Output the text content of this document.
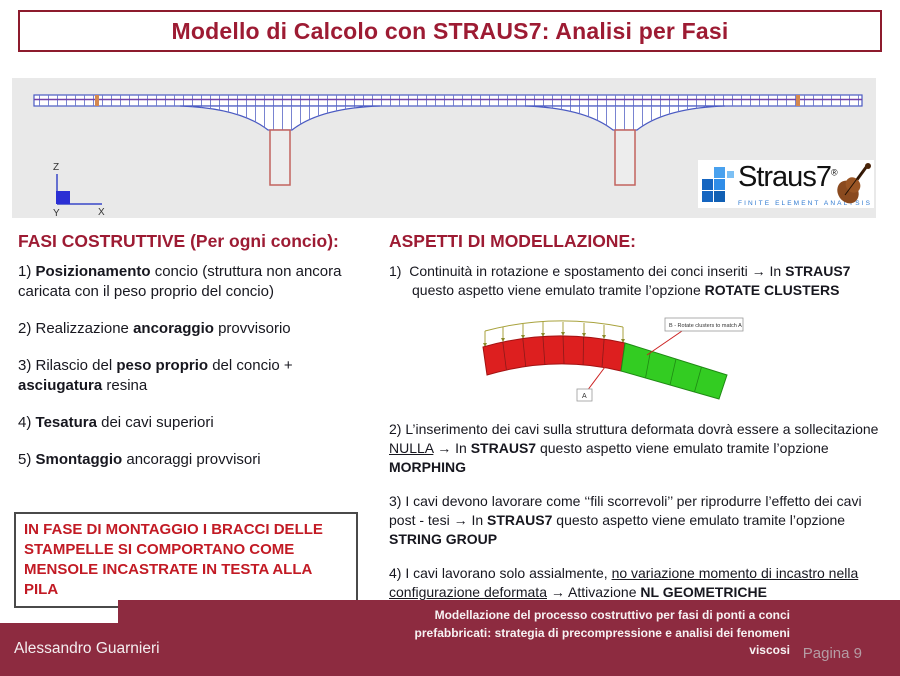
Modello di Calcolo con STRAUS7: Analisi per Fasi
Z
Y	X
Straus7® FINITE ELEMENT ANALYSIS
FASI COSTRUTTIVE (Per ogni concio):

1) Posizionamento concio (struttura non ancora caricata con il peso proprio del concio)

2) Realizzazione ancoraggio provvisorio

3) Rilascio del peso proprio del concio + asciugatura resina

4) Tesatura dei cavi superiori

5) Smontaggio ancoraggi provvisori

IN FASE DI MONTAGGIO I BRACCI DELLE
STAMPELLE SI COMPORTANO COME
MENSOLE INCASTRATE IN TESTA ALLA PILA
ASPETTI DI MODELLAZIONE:

1)  Continuità in rotazione e spostamento dei conci inseriti → In STRAUS7 questo aspetto viene emulato tramite l’opzione ROTATE CLUSTERS

B - Rotate clusters to match A
A

2) L’inserimento dei cavi sulla struttura deformata dovrà essere a sollecitazione NULLA → In STRAUS7 questo aspetto viene emulato tramite l’opzione MORPHING

3) I cavi devono lavorare come ‘‘fili scorrevoli’’ per riprodurre l’effetto dei cavi post - tesi → In STRAUS7 questo aspetto viene emulato tramite l’opzione STRING GROUP

4) I cavi lavorano solo assialmente, no variazione momento di incastro nella configurazione deformata → Attivazione NL GEOMETRICHE

Alessandro Guarnieri
Modellazione del processo costruttivo per fasi di ponti a conci
prefabbricati: strategia di precompressione e analisi dei fenomeni
viscosi Pagina 9
